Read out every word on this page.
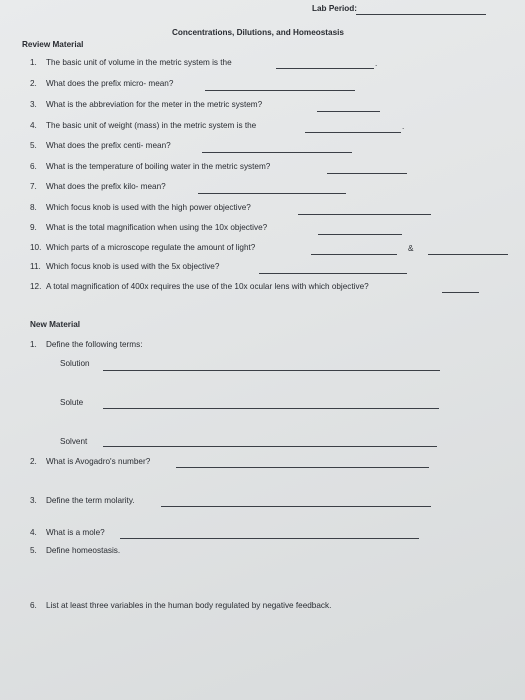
Lab Period:
Concentrations, Dilutions, and Homeostasis
Review Material
1. The basic unit of volume in the metric system is the	.
2. What does the prefix micro- mean?
3. What is the abbreviation for the meter in the metric system?
4. The basic unit of weight (mass) in the metric system is the	.
5. What does the prefix centi- mean?
6. What is the temperature of boiling water in the metric system?
7. What does the prefix kilo- mean?
8. Which focus knob is used with the high power objective?
9. What is the total magnification when using the 10x objective?
10. Which parts of a microscope regulate the amount of light?	&
11. Which focus knob is used with the 5x objective?
12. A total magnification of 400x requires the use of the 10x ocular lens with which objective?
New Material
1. Define the following terms:
Solution
Solute
Solvent
2. What is Avogadro's number?
3. Define the term molarity.
4. What is a mole?
5. Define homeostasis.
6. List at least three variables in the human body regulated by negative feedback.
